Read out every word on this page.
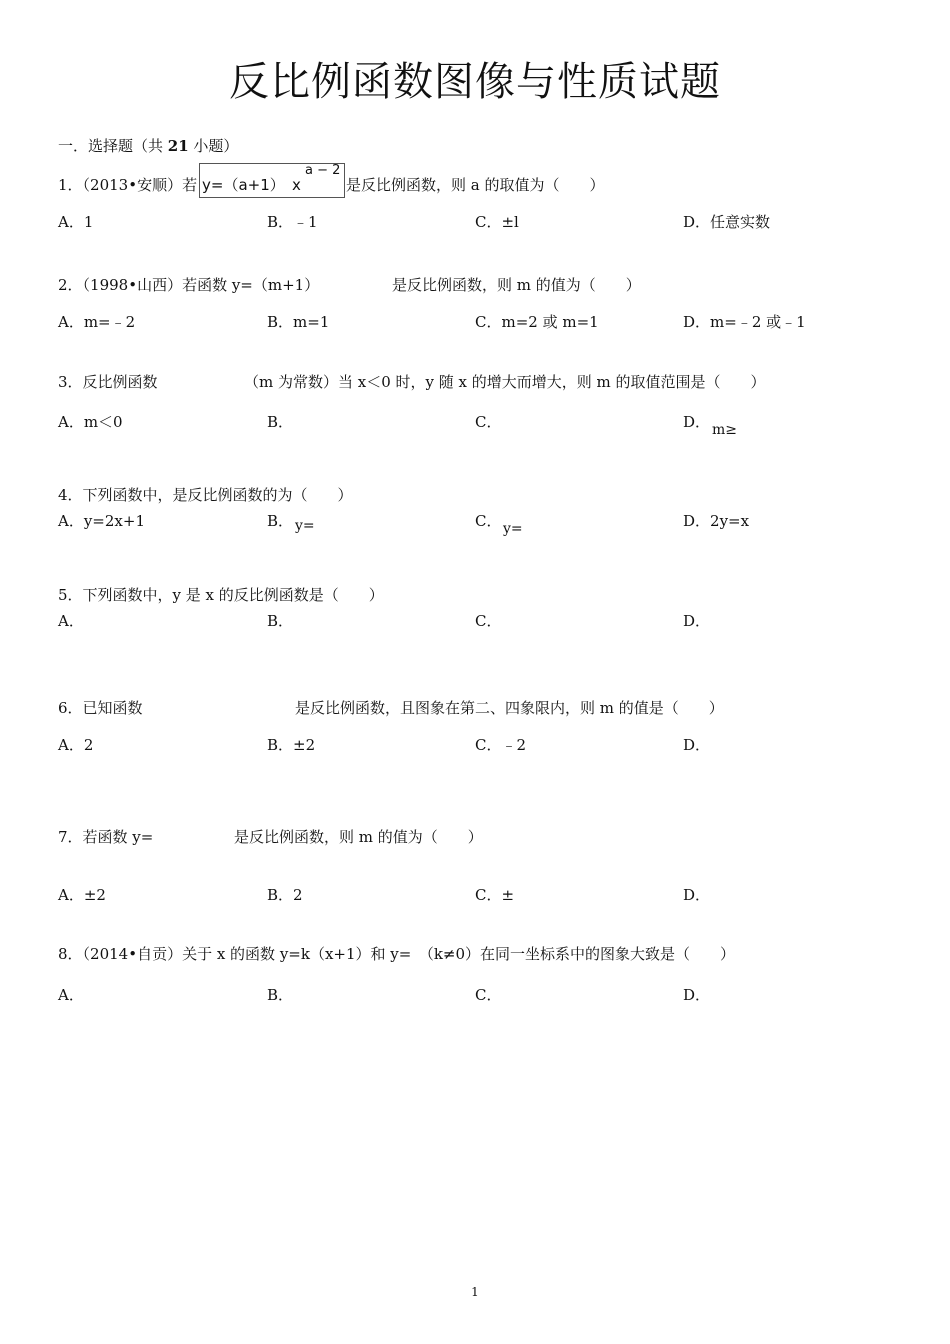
反比例函数图像与性质试题
一．选择题（共 21 小题）
1．（2013•安顺）若 y=（a+1） x
a − 2
是反比例函数，则 a 的取值为（　　）
A．1	B．﹣1	C．±l	D．任意实数
2．（1998•山西）若函数 y=（m+1）	是反比例函数，则 m 的值为（　　）
A．m=﹣2	B．m=1	C．m=2 或 m=1	D．m=﹣2 或﹣1
3．反比例函数	（m 为常数）当 x＜0 时，y 随 x 的增大而增大，则 m 的取值范围是（　　）
A．m＜0	B．	C．	D． m≥
4．下列函数中，是反比例函数的为（　　）
A．y=2x+1	B． y=	C． y=	D．2y=x
5．下列函数中，y 是 x 的反比例函数是（　　）
A．	B．	C．	D．
6．已知函数	是反比例函数，且图象在第二、四象限内，则 m 的值是（　　）
A．2	B．±2	C．﹣2	D．
7．若函数 y=	是反比例函数，则 m 的值为（　　）
A．±2	B．2	C．±	D．
8．（2014•自贡）关于 x 的函数 y=k（x+1）和 y=　（k≠0）在同一坐标系中的图象大致是（　　）
A．	B．	C．	D．
1
